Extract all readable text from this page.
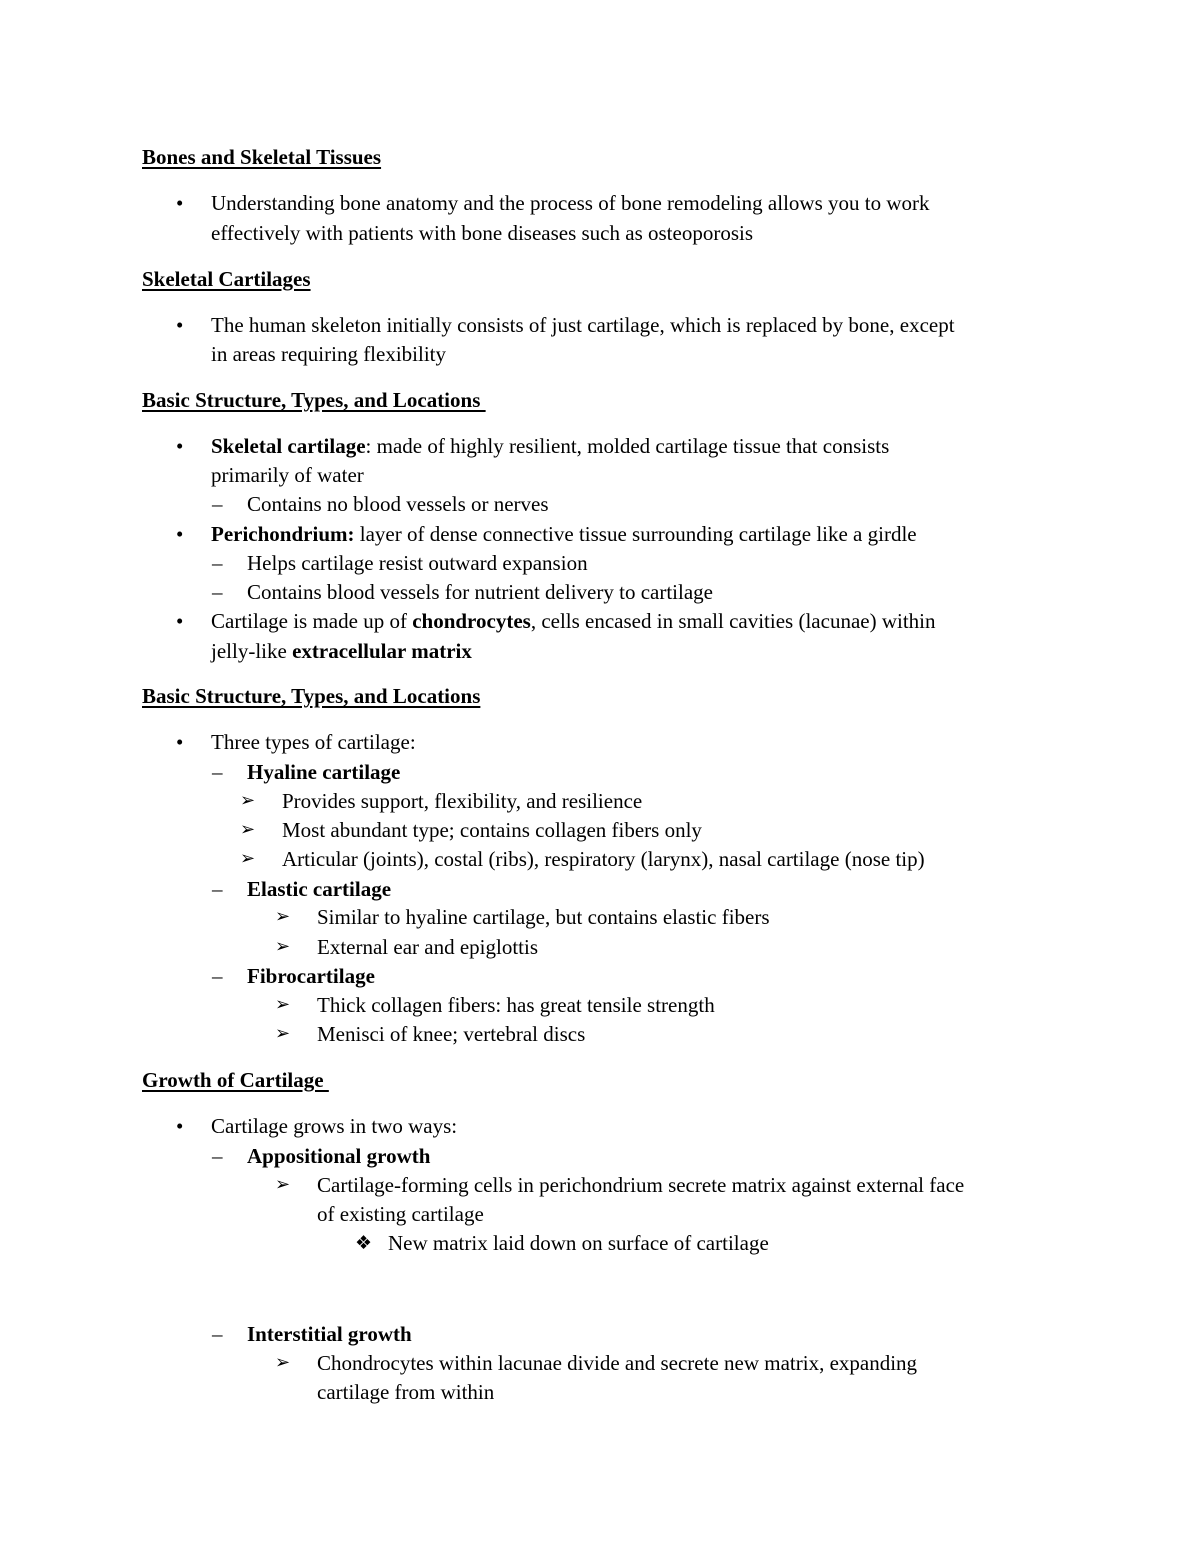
Bones and Skeletal Tissues
• Understanding bone anatomy and the process of bone remodeling allows you to work
effectively with patients with bone diseases such as osteoporosis
Skeletal Cartilages
• The human skeleton initially consists of just cartilage, which is replaced by bone, except
in areas requiring flexibility
Basic Structure, Types, and Locations
• Skeletal cartilage: made of highly resilient, molded cartilage tissue that consists
primarily of water
– Contains no blood vessels or nerves
• Perichondrium: layer of dense connective tissue surrounding cartilage like a girdle
– Helps cartilage resist outward expansion
– Contains blood vessels for nutrient delivery to cartilage
• Cartilage is made up of chondrocytes, cells encased in small cavities (lacunae) within
jelly-like extracellular matrix
Basic Structure, Types, and Locations
• Three types of cartilage:
– Hyaline cartilage
➢ Provides support, flexibility, and resilience
➢ Most abundant type; contains collagen fibers only
➢ Articular (joints), costal (ribs), respiratory (larynx), nasal cartilage (nose tip)
– Elastic cartilage
➢ Similar to hyaline cartilage, but contains elastic fibers
➢ External ear and epiglottis
– Fibrocartilage
➢ Thick collagen fibers: has great tensile strength
➢ Menisci of knee; vertebral discs
Growth of Cartilage
• Cartilage grows in two ways:
– Appositional growth
➢ Cartilage-forming cells in perichondrium secrete matrix against external face
of existing cartilage
❖ New matrix laid down on surface of cartilage
– Interstitial growth
➢ Chondrocytes within lacunae divide and secrete new matrix, expanding
cartilage from within
